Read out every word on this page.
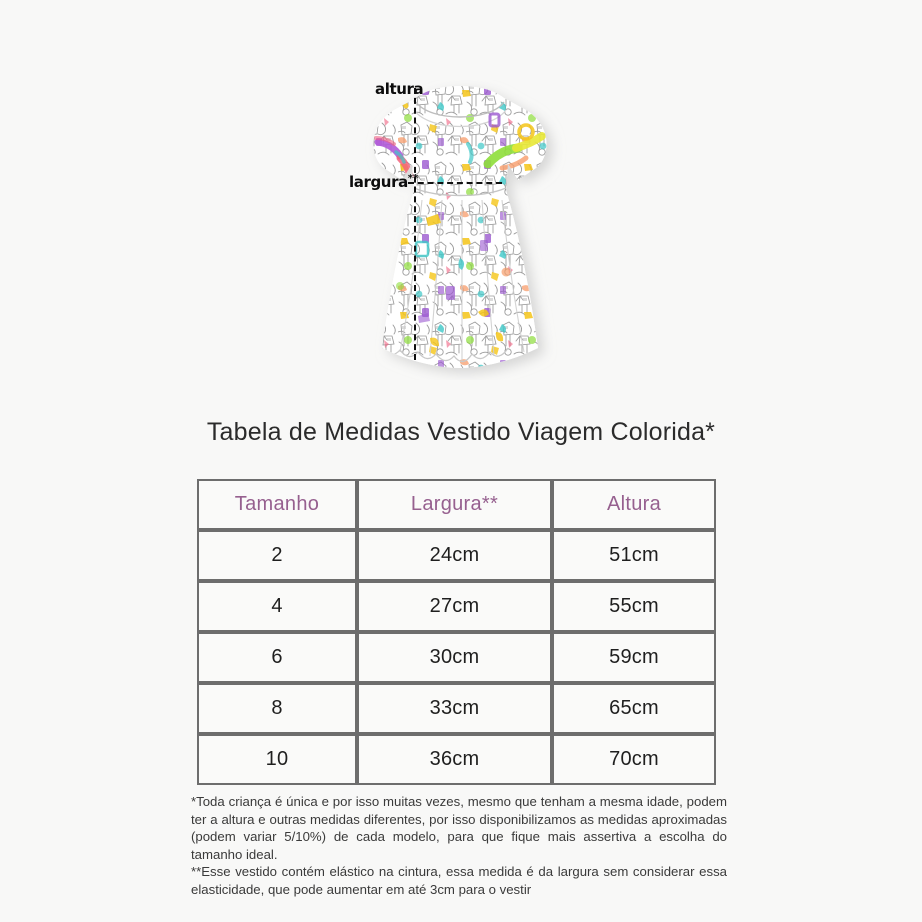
altura
largura**
Tabela de Medidas Vestido Viagem Colorida*
Tamanho	Largura**	Altura
2	24cm	51cm
4	27cm	55cm
6	30cm	59cm
8	33cm	65cm
10	36cm	70cm

*Toda criança é única e por isso muitas vezes, mesmo que tenham a mesma idade, podem ter a altura e outras medidas diferentes, por isso disponibilizamos as medidas aproximadas (podem variar 5/10%) de cada modelo, para que fique mais assertiva a escolha do tamanho ideal.

**Esse vestido contém elástico na cintura, essa medida é da largura sem considerar essa elasticidade, que pode aumentar em até 3cm para o vestir
